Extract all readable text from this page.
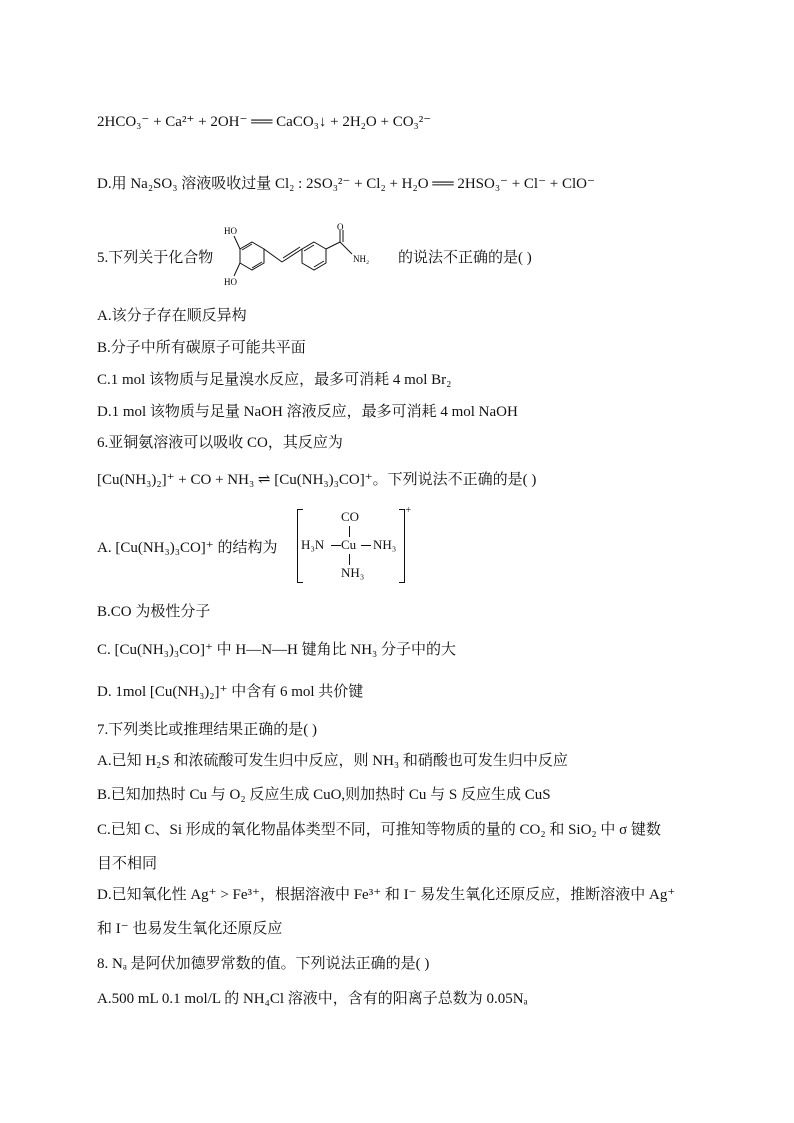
2HCO₃⁻ + Ca²⁺ + 2OH⁻ ══ CaCO₃↓ + 2H₂O + CO₃²⁻
D.用 Na₂SO₃ 溶液吸收过量 Cl₂ : 2SO₃²⁻ + Cl₂ + H₂O ══ 2HSO₃⁻ + Cl⁻ + ClO⁻
5.下列关于化合物
HO
HO
O
NH₂ 的说法不正确的是( )
A.该分子存在顺反异构
B.分子中所有碳原子可能共平面
C.1 mol 该物质与足量溴水反应，最多可消耗 4 mol Br₂
D.1 mol 该物质与足量 NaOH 溶液反应，最多可消耗 4 mol NaOH
6.亚铜氨溶液可以吸收 CO，其反应为
[Cu(NH₃)₂]⁺ + CO + NH₃ ⇌ [Cu(NH₃)₃CO]⁺。下列说法不正确的是( )
A. [Cu(NH₃)₃CO]⁺ 的结构为
+
CO
H₃N Cu NH₃
NH₃
B.CO 为极性分子
C. [Cu(NH₃)₃CO]⁺ 中 H—N—H 键角比 NH₃ 分子中的大
D. 1mol [Cu(NH₃)₂]⁺ 中含有 6 mol 共价键
7.下列类比或推理结果正确的是( )
A.已知 H₂S 和浓硫酸可发生归中反应，则 NH₃ 和硝酸也可发生归中反应
B.已知加热时 Cu 与 O₂ 反应生成 CuO,则加热时 Cu 与 S 反应生成 CuS
C.已知 C、Si 形成的氧化物晶体类型不同，可推知等物质的量的 CO₂ 和 SiO₂ 中 σ 键数
目不相同
D.已知氧化性 Ag⁺ > Fe³⁺，根据溶液中 Fe³⁺ 和 I⁻ 易发生氧化还原反应，推断溶液中 Ag⁺
和 I⁻ 也易发生氧化还原反应
8. Nₐ 是阿伏加德罗常数的值。下列说法正确的是( )
A.500 mL 0.1 mol/L 的 NH₄Cl 溶液中，含有的阳离子总数为 0.05Nₐ
